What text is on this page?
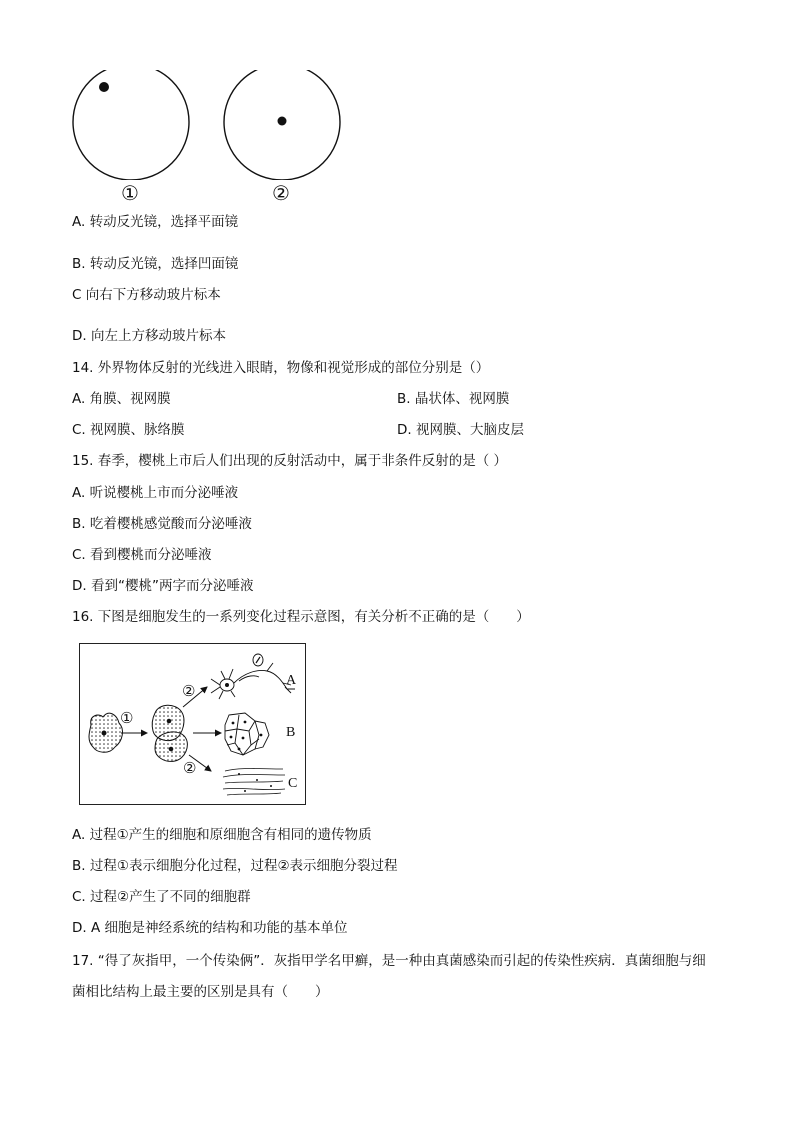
①	②
A. 转动反光镜，选择平面镜
B. 转动反光镜，选择凹面镜
C 向右下方移动玻片标本
D. 向左上方移动玻片标本
14. 外界物体反射的光线进入眼睛，物像和视觉形成的部位分别是（）
A. 角膜、视网膜	B. 晶状体、视网膜
C. 视网膜、脉络膜	D. 视网膜、大脑皮层
15. 春季，樱桃上市后人们出现的反射活动中，属于非条件反射的是（ ）
A. 听说樱桃上市而分泌唾液
B. 吃着樱桃感觉酸而分泌唾液
C. 看到樱桃而分泌唾液
D. 看到“樱桃”两字而分泌唾液
16. 下图是细胞发生的一系列变化过程示意图，有关分析不正确的是（　　）
①
②
②
A
B
C
A. 过程①产生的细胞和原细胞含有相同的遗传物质
B. 过程①表示细胞分化过程，过程②表示细胞分裂过程
C. 过程②产生了不同的细胞群
D. A 细胞是神经系统的结构和功能的基本单位
17. “得了灰指甲，一个传染俩”．灰指甲学名甲癣，是一种由真菌感染而引起的传染性疾病．真菌细胞与细
菌相比结构上最主要的区别是具有（　　）
